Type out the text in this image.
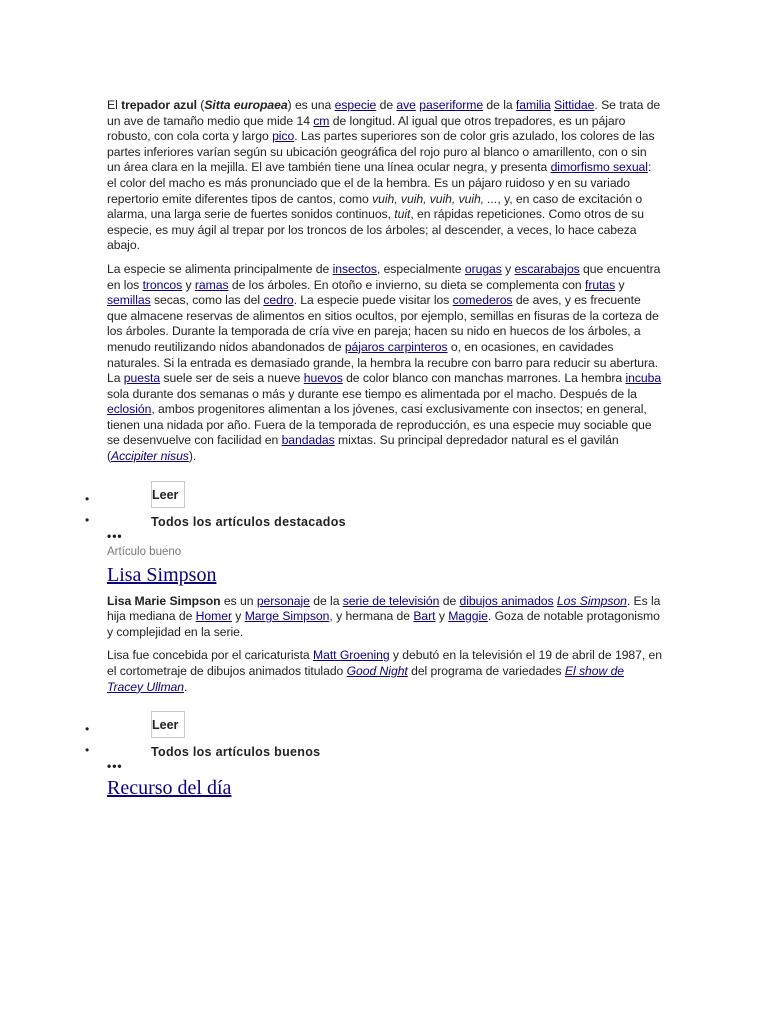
El trepador azul (Sitta europaea) es una especie de ave paseriforme de la familia Sittidae. Se trata de un ave de tamaño medio que mide 14 cm de longitud. Al igual que otros trepadores, es un pájaro robusto, con cola corta y largo pico. Las partes superiores son de color gris azulado, los colores de las partes inferiores varían según su ubicación geográfica del rojo puro al blanco o amarillento, con o sin un área clara en la mejilla. El ave también tiene una línea ocular negra, y presenta dimorfismo sexual: el color del macho es más pronunciado que el de la hembra. Es un pájaro ruidoso y en su variado repertorio emite diferentes tipos de cantos, como vuih, vuih, vuih, vuih, ..., y, en caso de excitación o alarma, una larga serie de fuertes sonidos continuos, tuit, en rápidas repeticiones. Como otros de su especie, es muy ágil al trepar por los troncos de los árboles; al descender, a veces, lo hace cabeza abajo.

La especie se alimenta principalmente de insectos, especialmente orugas y escarabajos que encuentra en los troncos y ramas de los árboles. En otoño e invierno, su dieta se complementa con frutas y semillas secas, como las del cedro. La especie puede visitar los comederos de aves, y es frecuente que almacene reservas de alimentos en sitios ocultos, por ejemplo, semillas en fisuras de la corteza de los árboles. Durante la temporada de cría vive en pareja; hacen su nido en huecos de los árboles, a menudo reutilizando nidos abandonados de pájaros carpinteros o, en ocasiones, en cavidades naturales. Si la entrada es demasiado grande, la hembra la recubre con barro para reducir su abertura. La puesta suele ser de seis a nueve huevos de color blanco con manchas marrones. La hembra incuba sola durante dos semanas o más y durante ese tiempo es alimentada por el macho. Después de la eclosión, ambos progenitores alimentan a los jóvenes, casi exclusivamente con insectos; en general, tienen una nidada por año. Fuera de la temporada de reproducción, es una especie muy sociable que se desenvuelve con facilidad en bandadas mixtas. Su principal depredador natural es el gavilán (Accipiter nisus).

•	Leer
•	Todos los artículos destacados
•••
Artículo bueno
Lisa Simpson

Lisa Marie Simpson es un personaje de la serie de televisión de dibujos animados Los Simpson. Es la hija mediana de Homer y Marge Simpson, y hermana de Bart y Maggie. Goza de notable protagonismo y complejidad en la serie.

Lisa fue concebida por el caricaturista Matt Groening y debutó en la televisión el 19 de abril de 1987, en el cortometraje de dibujos animados titulado Good Night del programa de variedades El show de Tracey Ullman.

•	Leer
•	Todos los artículos buenos
•••
Recurso del día
